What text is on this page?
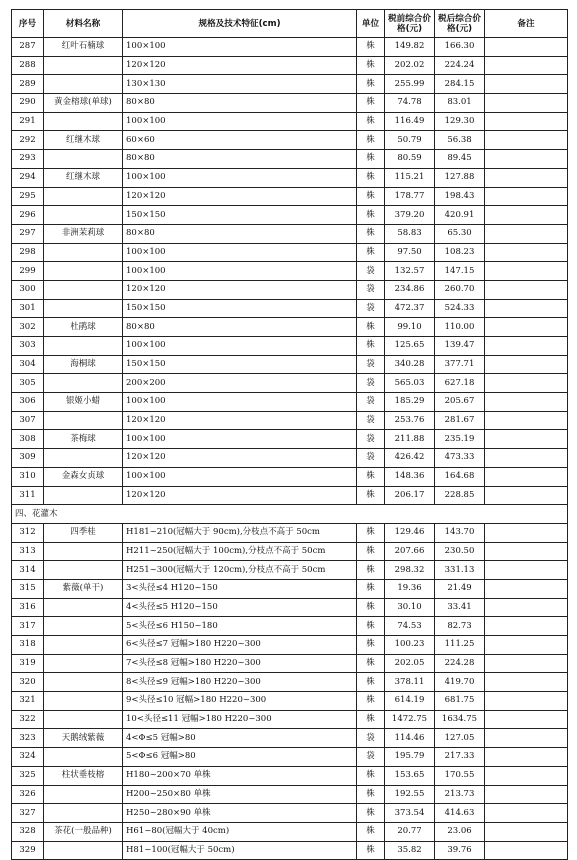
序号	材料名称	规格及技术特征(cm)	单位	税前综合价格(元)	税后综合价格(元)	备注
287	红叶石楠球	100×100	株	149.82	166.30	
288		120×120	株	202.02	224.24	
289		130×130	株	255.99	284.15	
290	黄金榕球(单球)	80×80	株	74.78	83.01	
291		100×100	株	116.49	129.30	
292	红继木球	60×60	株	50.79	56.38	
293		80×80	株	80.59	89.45	
294	红继木球	100×100	株	115.21	127.88	
295		120×120	株	178.77	198.43	
296		150×150	株	379.20	420.91	
297	非洲茉莉球	80×80	株	58.83	65.30	
298		100×100	株	97.50	108.23	
299		100×100	袋	132.57	147.15	
300		120×120	袋	234.86	260.70	
301		150×150	袋	472.37	524.33	
302	杜鹃球	80×80	株	99.10	110.00	
303		100×100	株	125.65	139.47	
304	海桐球	150×150	袋	340.28	377.71	
305		200×200	袋	565.03	627.18	
306	银姬小蜡	100×100	袋	185.29	205.67	
307		120×120	袋	253.76	281.67	
308	茶梅球	100×100	袋	211.88	235.19	
309		120×120	袋	426.42	473.33	
310	金森女贞球	100×100	株	148.36	164.68	
311		120×120	株	206.17	228.85	
四、花灌木						
312	四季桂	H181~210(冠幅大于 90cm),分枝点不高于 50cm	株	129.46	143.70	
313		H211~250(冠幅大于 100cm),分枝点不高于 50cm	株	207.66	230.50	
314		H251~300(冠幅大于 120cm),分枝点不高于 50cm	株	298.32	331.13	
315	紫薇(单干)	3<头径≤4 H120~150	株	19.36	21.49	
316		4<头径≤5 H120~150	株	30.10	33.41	
317		5<头径≤6 H150~180	株	74.53	82.73	
318		6<头径≤7 冠幅>180 H220~300	株	100.23	111.25	
319		7<头径≤8 冠幅>180 H220~300	株	202.05	224.28	
320		8<头径≤9 冠幅>180 H220~300	株	378.11	419.70	
321		9<头径≤10 冠幅>180 H220~300	株	614.19	681.75	
322		10<头径≤11 冠幅>180 H220~300	株	1472.75	1634.75	
323	天鹅绒紫薇	4<Φ≤5 冠幅>80	袋	114.46	127.05	
324		5<Φ≤6 冠幅>80	袋	195.79	217.33	
325	柱状垂枝榕	H180~200×70 单株	株	153.65	170.55	
326		H200~250×80 单株	株	192.55	213.73	
327		H250~280×90 单株	株	373.54	414.63	
328	茶花(一般品种)	H61~80(冠幅大于 40cm)	株	20.77	23.06	
329		H81~100(冠幅大于 50cm)	株	35.82	39.76	
